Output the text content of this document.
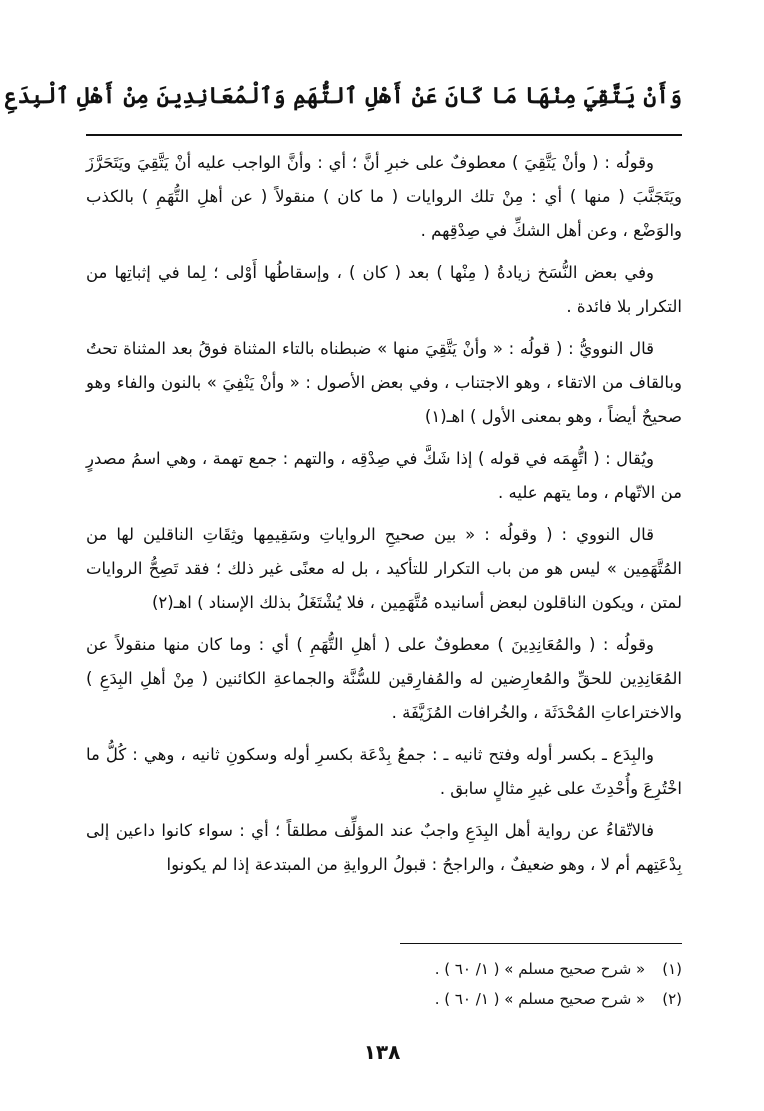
وَأَنْ يَتَّقِيَ مِنْهَا مَا كَانَ عَنْ أَهْلِ ٱلتُّهَمِ وَٱلْمُعَانِدِينَ مِنْ أَهْلِ ٱلْبِدَعِ

وقولُه : ( وأنْ يَتَّقِيَ ) معطوفٌ على خبرِ أنَّ ؛ أي : وأنَّ الواجب عليه أنْ يَتَّقِيَ ويَتَحَرَّزَ ويَتَجَنَّبَ ( منها ) أي : مِنْ تلك الروايات ( ما كان ) منقولاً ( عن أهلِ التُّهَمِ ) بالكذب والوَضْع ، وعن أهل الشكِّ في صِدْقِهم .

وفي بعض النُّسَخ زيادةُ ( مِنْها ) بعد ( كان ) ، وإسقاطُها أَوْلى ؛ لِما في إثباتِها من التكرار بلا فائدة .

قال النوويُّ : ( قولُه : « وأنْ يَتَّقِيَ منها » ضبطناه بالتاء المثناة فوقُ بعد المثناة تحتُ وبالقاف من الاتقاء ، وهو الاجتناب ، وفي بعض الأصول : « وأنْ يَنْفِيَ » بالنون والفاء وهو صحيحٌ أيضاً ، وهو بمعنى الأول ) اهـ(١)

ويُقال : ( اتُّهِمَه في قوله ) إذا شَكَّ في صِدْقِه ، والتهم : جمع تهمة ، وهي اسمُ مصدرٍ من الاتّهام ، وما يتهم عليه .

قال النووي : ( وقولُه : « بين صحيحِ الرواياتِ وسَقِيمِها وثِقَاتِ الناقلين لها من المُتَّهَمِين » ليس هو من باب التكرار للتأكيد ، بل له معنًى غير ذلك ؛ فقد تَصِحُّ الروايات لمتن ، ويكون الناقلون لبعض أسانيده مُتَّهَمِين ، فلا يُشْتَغَلُ بذلك الإسناد ) اهـ(٢)

وقولُه : ( والمُعَانِدِينَ ) معطوفٌ على ( أهلِ التُّهَمِ ) أي : وما كان منها منقولاً عن المُعَانِدِين للحقِّ والمُعارِضين له والمُفارِقين للسُّنَّة والجماعةِ الكائنين ( مِنْ أهلِ البِدَعِ ) والاختراعاتِ المُحْدَثَة ، والخُرافات المُزَيَّفَة .

والبِدَع ـ بكسر أوله وفتح ثانيه ـ : جمعُ بِدْعَة بكسرِ أوله وسكونِ ثانيه ، وهي : كُلُّ ما اخْتُرِعَ وأُحْدِثَ على غيرِ مثالٍ سابق .

فالاتّقاءُ عن رواية أهل البِدَعِ واجبٌ عند المؤلِّف مطلقاً ؛ أي : سواء كانوا داعين إلى بِدْعَتِهم أم لا ، وهو ضعيفٌ ، والراجحُ : قبولُ الروايةِ من المبتدعة إذا لم يكونوا

(١) « شرح صحيح مسلم » ( ١/ ٦٠ ) .
(٢) « شرح صحيح مسلم » ( ١/ ٦٠ ) .
١٣٨
